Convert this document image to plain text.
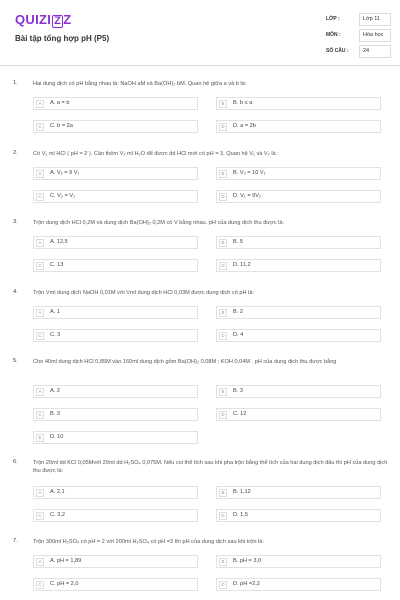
QUIZI Z Z
Bài tập tổng hợp pH (P5)
LỚP :	Lớp 11
MÔN :	Hóa học
SỐ CÂU :	24
1.	Hai dung dịch có pH bằng nhau là: NaOH aM và Ba(OH)₂ bM. Quan hệ giữa a và b là:
A	A. a = b	B	B. b ≤ a
C	C. b = 2a	D	D. a = 2b
2.	Có V₁ ml HCl ( pH = 2 ). Cần thêm V₂ ml H₂O để được dd HCl mới có pH = 3. Quan hệ V₁ và V₂ là :
A	A. V₂ = 9 V₁	B	B. V₂ = 10 V₁
C	C. V₂ = V₁	D	D. V₁ = 9V₂
3.	Trộn dung dịch HCl 0,2M và dung dịch Ba(OH)₂ 0,2M có V bằng nhau. pH của dung dịch thu được là:
A	A. 12,5	B	B. 5
C	C. 13	D	D. 11,2
4.	Trộn Vml dung dịch NaOH 0,01M với Vml dung dịch HCl 0,03M được dung dịch có pH là:
A	A. 1	B	B. 2
C	C. 3	D	D. 4
5.	Cho 40ml dung dịch HCl 0,85M vào 160ml dung dịch gồm Ba(OH)₂ 0,08M ; KOH 0,04M . pH của dung dịch thu được bằng
A	A. 2	B	B. 3
C	B. 3	D	C. 12
E	D. 10
6.	Trộn 20ml dd KCl 0,05Mvới 20ml dd H₂SO₄ 0,075M. Nếu coi thể tích sau khi pha trộn bằng thể tích của hai dung dịch đầu thì pH của dung dịch thu được là:
A	A. 2,1	B	B. 1,12
C	C. 3,2	D	D. 1,5
7.	Trộn 300ml H₂SO₄ có pH = 2 với 200ml H₂SO₄ có pH =3 thì pH của dung dịch sau khi trộn là:
A	A. pH = 1,89	B	B. pH = 3,0
C	C. pH = 2,0	D	D. pH =2,2
